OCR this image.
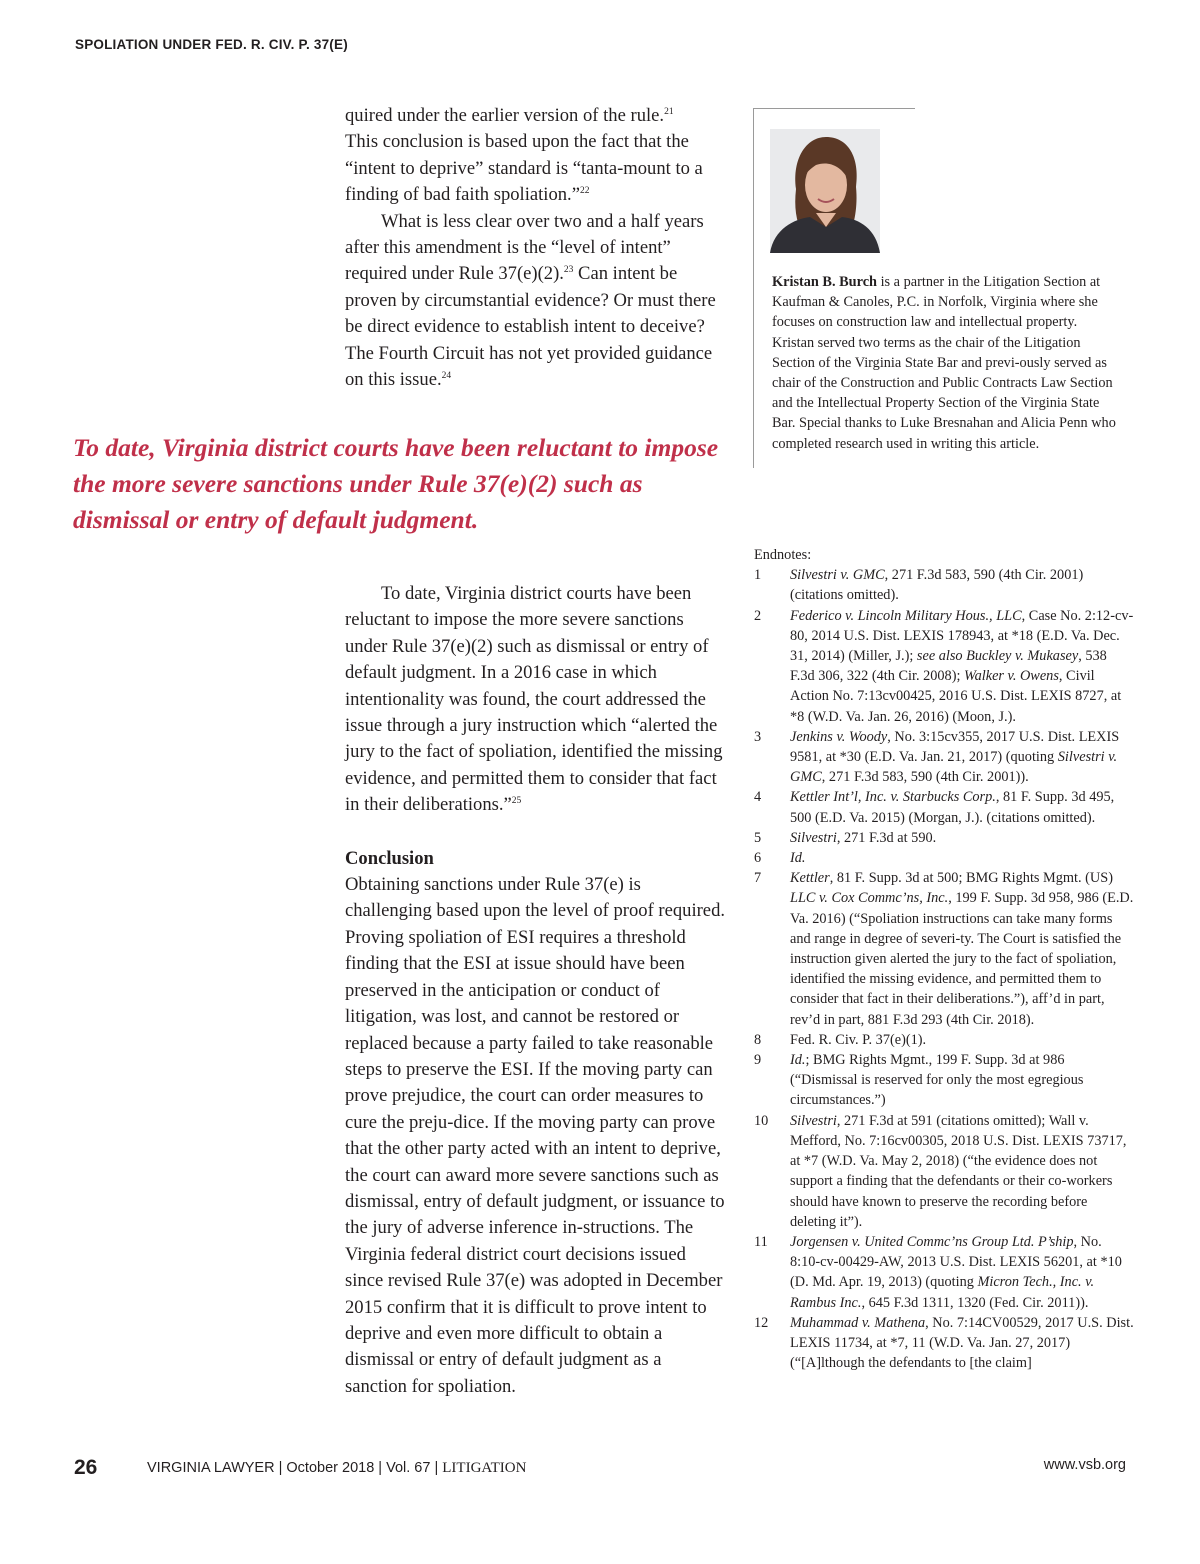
SPOLIATION UNDER FED. R. CIV. P. 37(E)

quired under the earlier version of the rule.$^{21}$

This conclusion is based upon the fact that the “intent to deprive” standard is “tanta-mount to a finding of bad faith spoliation.”$^{22}$

What is less clear over two and a half years after this amendment is the “level of intent” required under Rule 37(e)(2).$^{23}$ Can intent be proven by circumstantial evidence? Or must there be direct evidence to establish intent to deceive? The Fourth Circuit has not yet provided guidance on this issue.$^{24}$

To date, Virginia district courts have been reluctant to impose the more severe sanctions under Rule 37(e)(2) such as dismissal or entry of default judgment.

Kristan B. Burch is a partner in the Litigation Section at Kaufman & Canoles, P.C. in Norfolk, Virginia where she focuses on construction law and intellectual property. Kristan served two terms as the chair of the Litigation Section of the Virginia State Bar and previ-ously served as chair of the Construction and Public Contracts Law Section and the Intellectual Property Section of the Virginia State Bar. Special thanks to Luke Bresnahan and Alicia Penn who completed research used in writing this article.

To date, Virginia district courts have been reluctant to impose the more severe sanctions under Rule 37(e)(2) such as dismissal or entry of default judgment. In a 2016 case in which intentionality was found, the court addressed the issue through a jury instruction which “alerted the jury to the fact of spoliation, identified the missing evidence, and permitted them to consider that fact in their deliberations.”$^{25}$

Conclusion

Obtaining sanctions under Rule 37(e) is challenging based upon the level of proof required. Proving spoliation of ESI requires a threshold finding that the ESI at issue should have been preserved in the anticipation or conduct of litigation, was lost, and cannot be restored or replaced because a party failed to take reasonable steps to preserve the ESI. If the moving party can prove prejudice, the court can order measures to cure the preju-dice. If the moving party can prove that the other party acted with an intent to deprive, the court can award more severe sanctions such as dismissal, entry of default judgment, or issuance to the jury of adverse inference in-structions. The Virginia federal district court decisions issued since revised Rule 37(e) was adopted in December 2015 confirm that it is difficult to prove intent to deprive and even more difficult to obtain a dismissal or entry of default judgment as a sanction for spoliation.

Endnotes:

1 Silvestri v. GMC, 271 F.3d 583, 590 (4th Cir. 2001) (citations omitted).
2 Federico v. Lincoln Military Hous., LLC, Case No. 2:12-cv-80, 2014 U.S. Dist. LEXIS 178943, at *18 (E.D. Va. Dec. 31, 2014) (Miller, J.); see also Buckley v. Mukasey, 538 F.3d 306, 322 (4th Cir. 2008); Walker v. Owens, Civil Action No. 7:13cv00425, 2016 U.S. Dist. LEXIS 8727, at *8 (W.D. Va. Jan. 26, 2016) (Moon, J.).
3 Jenkins v. Woody, No. 3:15cv355, 2017 U.S. Dist. LEXIS 9581, at *30 (E.D. Va. Jan. 21, 2017) (quoting Silvestri v. GMC, 271 F.3d 583, 590 (4th Cir. 2001)).
4 Kettler Int’l, Inc. v. Starbucks Corp., 81 F. Supp. 3d 495, 500 (E.D. Va. 2015) (Morgan, J.). (citations omitted).
5 Silvestri, 271 F.3d at 590.
6 Id.
7 Kettler, 81 F. Supp. 3d at 500; BMG Rights Mgmt. (US) LLC v. Cox Commc’ns, Inc., 199 F. Supp. 3d 958, 986 (E.D. Va. 2016) (“Spoliation instructions can take many forms and range in degree of severi-ty. The Court is satisfied the instruction given alerted the jury to the fact of spoliation, identified the missing evidence, and permitted them to consider that fact in their deliberations.”), aff’d in part, rev’d in part, 881 F.3d 293 (4th Cir. 2018).
8 Fed. R. Civ. P. 37(e)(1).
9 Id.; BMG Rights Mgmt., 199 F. Supp. 3d at 986 (“Dismissal is reserved for only the most egregious circumstances.”)
10 Silvestri, 271 F.3d at 591 (citations omitted); Wall v. Mefford, No. 7:16cv00305, 2018 U.S. Dist. LEXIS 73717, at *7 (W.D. Va. May 2, 2018) (“the evidence does not support a finding that the defendants or their co-workers should have known to preserve the recording before deleting it”).
11 Jorgensen v. United Commc’ns Group Ltd. P’ship, No. 8:10-cv-00429-AW, 2013 U.S. Dist. LEXIS 56201, at *10 (D. Md. Apr. 19, 2013) (quoting Micron Tech., Inc. v. Rambus Inc., 645 F.3d 1311, 1320 (Fed. Cir. 2011)).
12 Muhammad v. Mathena, No. 7:14CV00529, 2017 U.S. Dist. LEXIS 11734, at *7, 11 (W.D. Va. Jan. 27, 2017) (“[A]lthough the defendants to [the claim]
26	VIRGINIA LAWYER | October 2018 | Vol. 67 | LITIGATION	www.vsb.org
